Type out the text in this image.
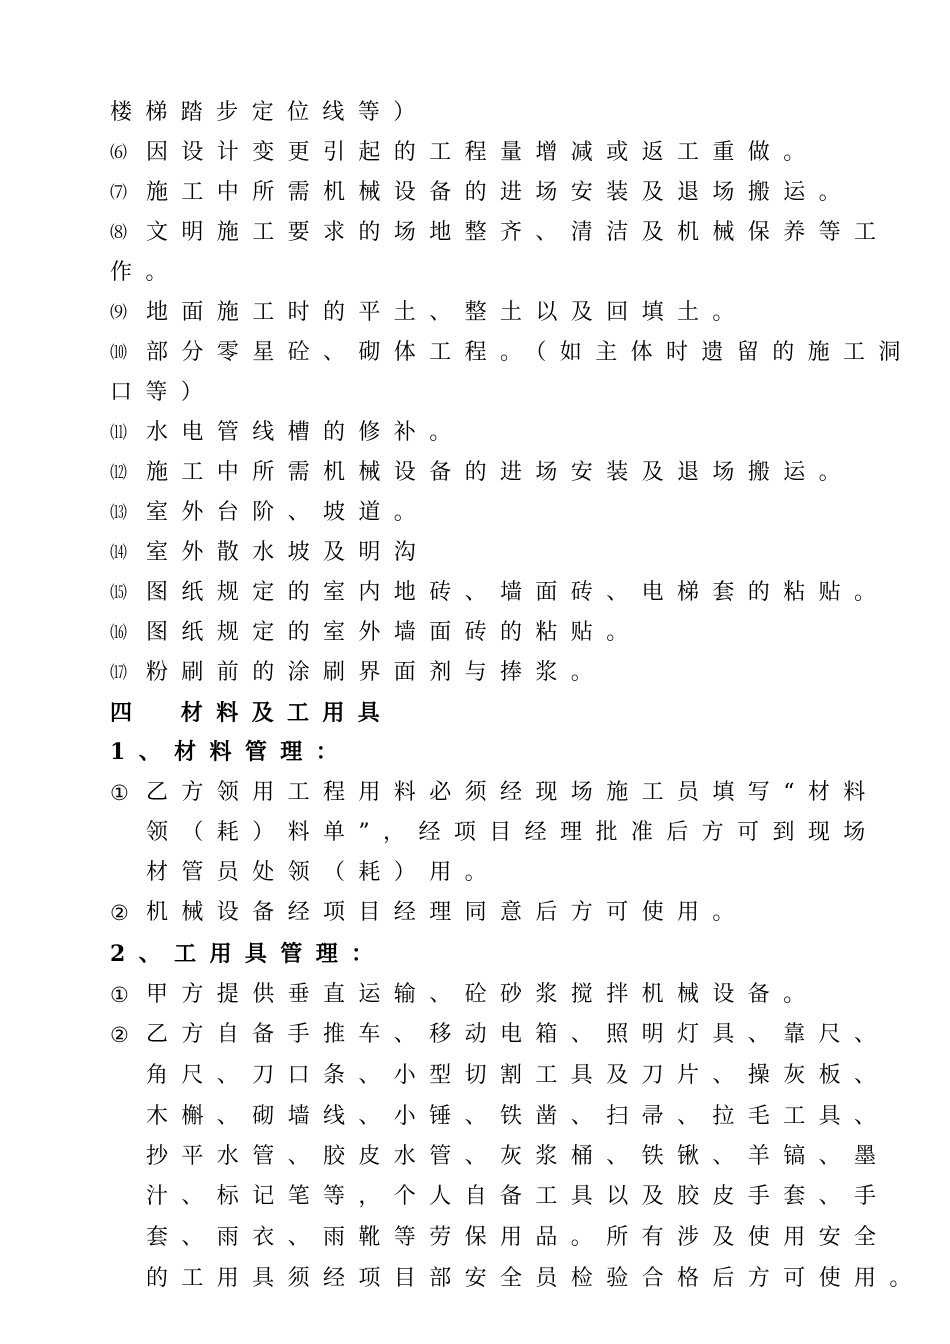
楼梯踏步定位线等）
⑹ 因设计变更引起的工程量增减或返工重做。
⑺ 施工中所需机械设备的进场安装及退场搬运。
⑻ 文明施工要求的场地整齐、清洁及机械保养等工
作。
⑼ 地面施工时的平土、整土以及回填土。
⑽ 部分零星砼、砌体工程。（如主体时遗留的施工洞
口等）
⑾ 水电管线槽的修补。
⑿ 施工中所需机械设备的进场安装及退场搬运。
⒀ 室外台阶、坡道。
⒁ 室外散水坡及明沟
⒂ 图纸规定的室内地砖、墙面砖、电梯套的粘贴。
⒃ 图纸规定的室外墙面砖的粘贴。
⒄ 粉刷前的涂刷界面剂与捧浆。
四　材料及工用具
1、材料管理：
① 乙方领用工程用料必须经现场施工员填写“材料
领（耗）料单”，经项目经理批准后方可到现场
材管员处领（耗）用。
② 机械设备经项目经理同意后方可使用。
2、工用具管理：
① 甲方提供垂直运输、砼砂浆搅拌机械设备。
② 乙方自备手推车、移动电箱、照明灯具、靠尺、
角尺、刀口条、小型切割工具及刀片、操灰板、
木槲、砌墙线、小锤、铁凿、扫帚、拉毛工具、
抄平水管、胶皮水管、灰浆桶、铁锹、羊镐、墨
汁、标记笔等，个人自备工具以及胶皮手套、手
套、雨衣、雨靴等劳保用品。所有涉及使用安全
的工用具须经项目部安全员检验合格后方可使用。
